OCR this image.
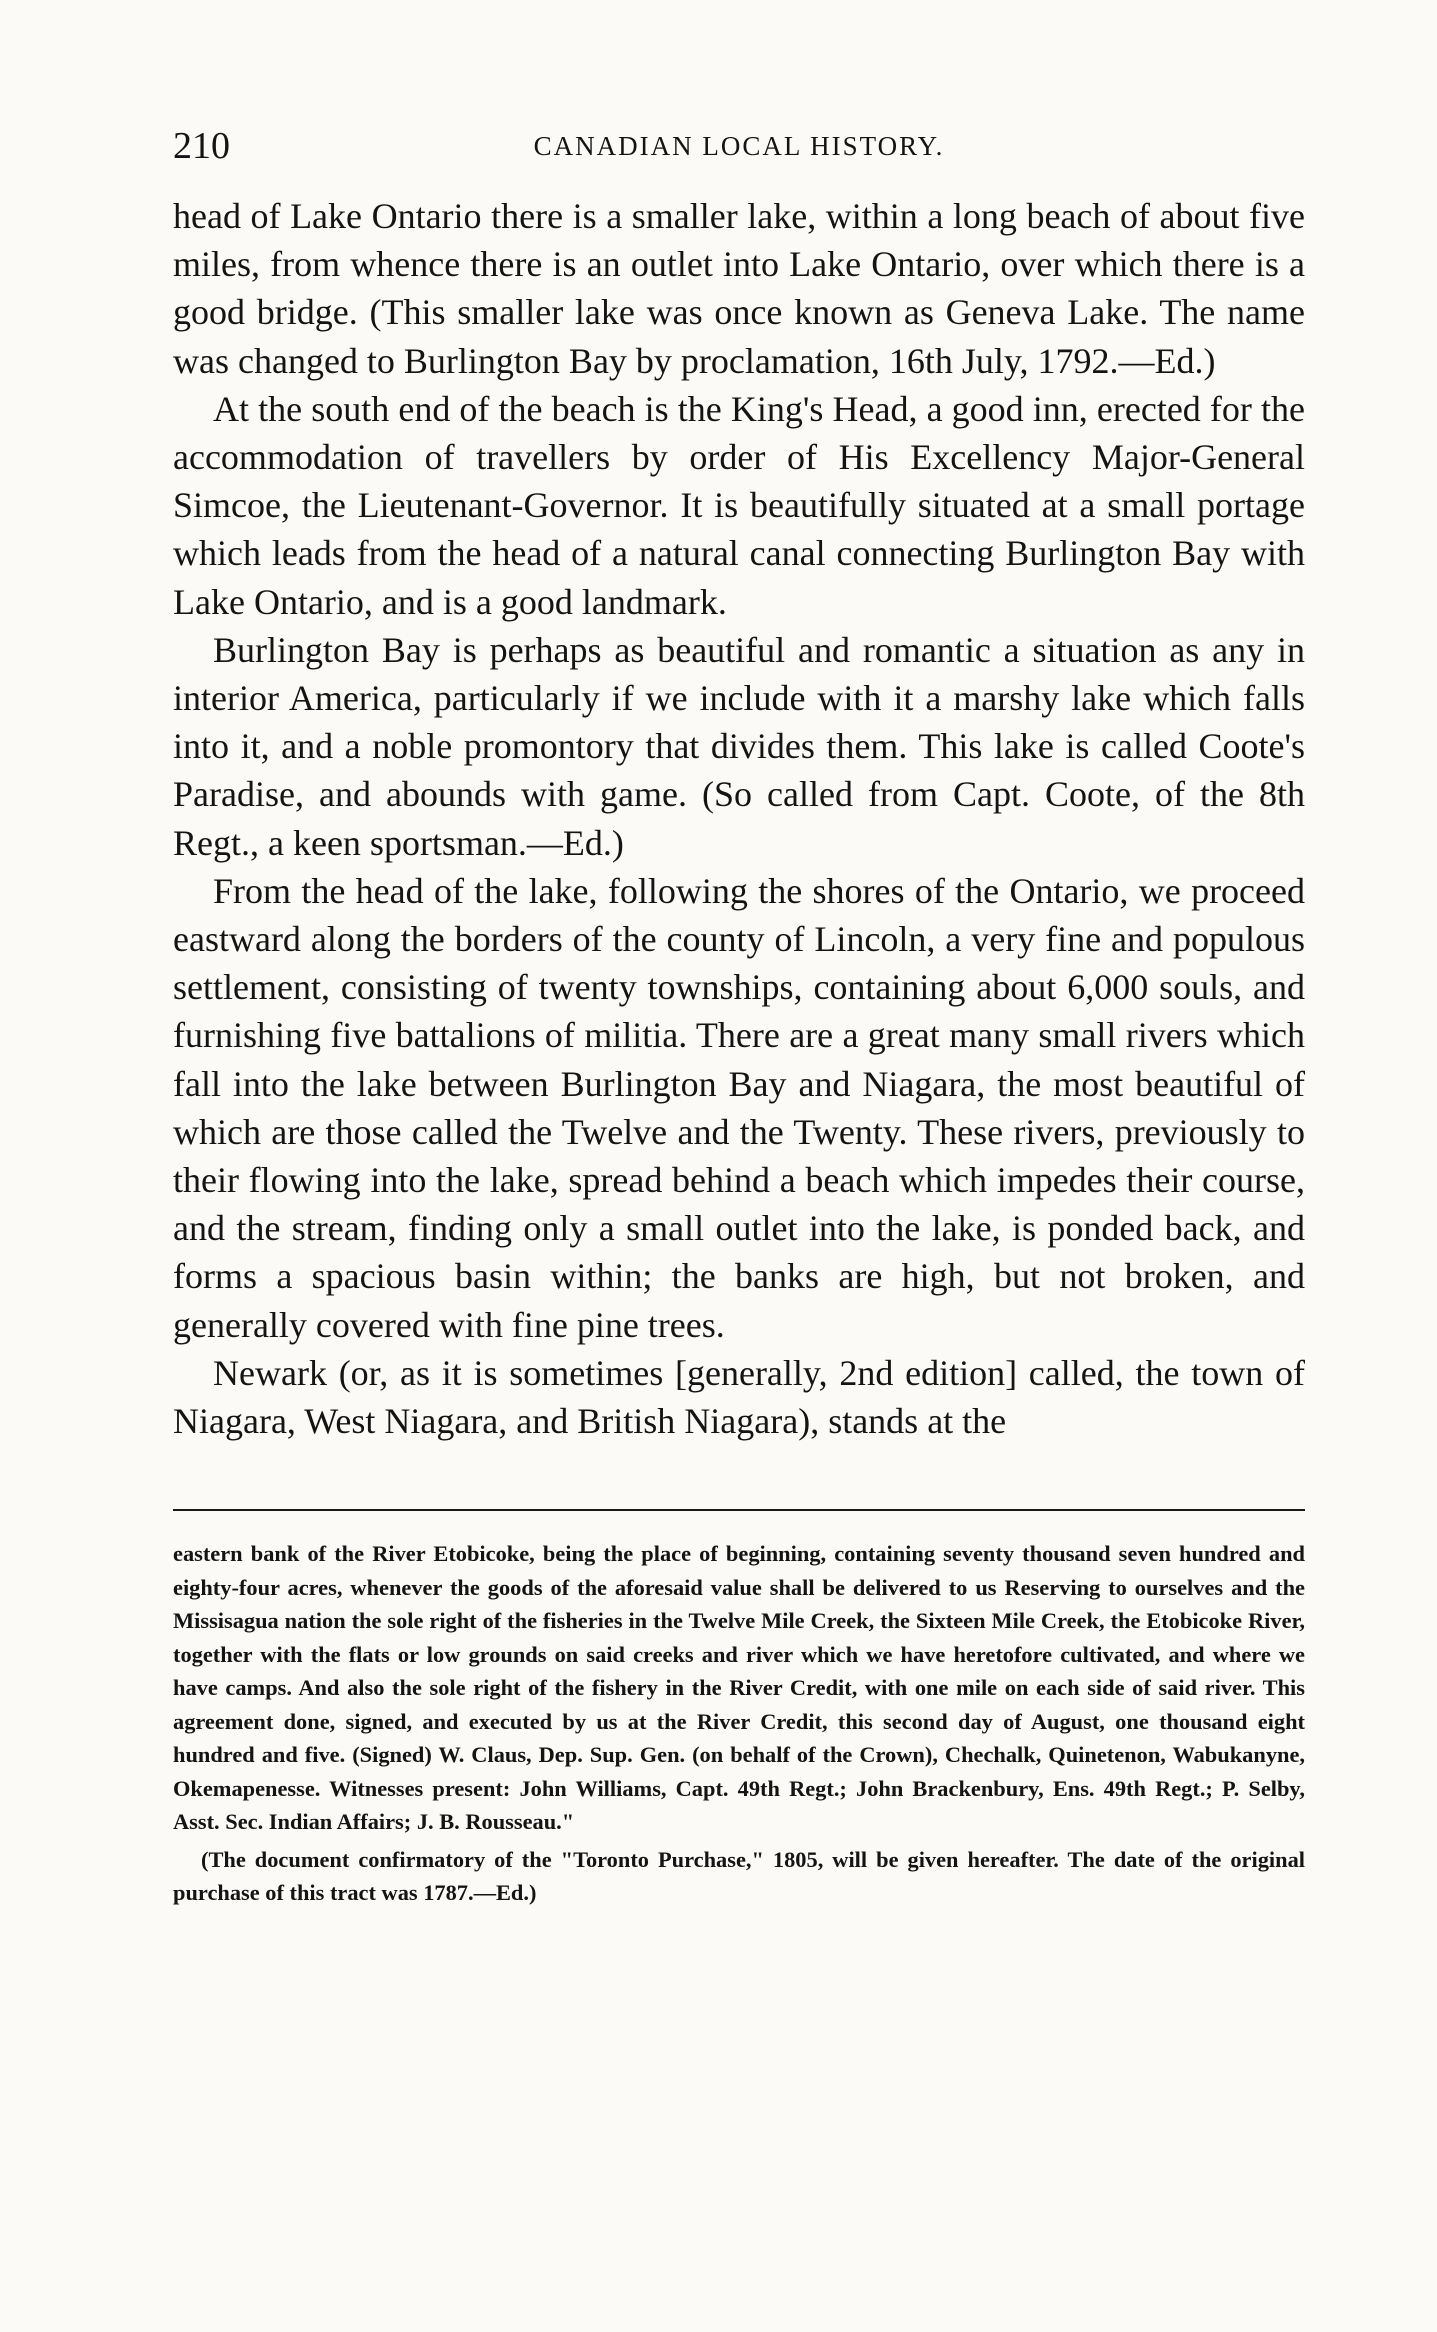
210	CANADIAN LOCAL HISTORY.

head of Lake Ontario there is a smaller lake, within a long beach of about five miles, from whence there is an outlet into Lake Ontario, over which there is a good bridge. (This smaller lake was once known as Geneva Lake. The name was changed to Burlington Bay by proclamation, 16th July, 1792.—Ed.)

At the south end of the beach is the King's Head, a good inn, erected for the accommodation of travellers by order of His Excellency Major-General Simcoe, the Lieutenant-Governor. It is beautifully situated at a small portage which leads from the head of a natural canal connecting Burlington Bay with Lake Ontario, and is a good landmark.

Burlington Bay is perhaps as beautiful and romantic a situation as any in interior America, particularly if we include with it a marshy lake which falls into it, and a noble promontory that divides them. This lake is called Coote's Paradise, and abounds with game. (So called from Capt. Coote, of the 8th Regt., a keen sportsman.—Ed.)

From the head of the lake, following the shores of the Ontario, we proceed eastward along the borders of the county of Lincoln, a very fine and populous settlement, consisting of twenty townships, containing about 6,000 souls, and furnishing five battalions of militia. There are a great many small rivers which fall into the lake between Burlington Bay and Niagara, the most beautiful of which are those called the Twelve and the Twenty. These rivers, previously to their flowing into the lake, spread behind a beach which impedes their course, and the stream, finding only a small outlet into the lake, is ponded back, and forms a spacious basin within; the banks are high, but not broken, and generally covered with fine pine trees.

Newark (or, as it is sometimes [generally, 2nd edition] called, the town of Niagara, West Niagara, and British Niagara), stands at the

eastern bank of the River Etobicoke, being the place of beginning, containing seventy thousand seven hundred and eighty-four acres, whenever the goods of the aforesaid value shall be delivered to us Reserving to ourselves and the Missisagua nation the sole right of the fisheries in the Twelve Mile Creek, the Sixteen Mile Creek, the Etobicoke River, together with the flats or low grounds on said creeks and river which we have heretofore cultivated, and where we have camps. And also the sole right of the fishery in the River Credit, with one mile on each side of said river. This agreement done, signed, and executed by us at the River Credit, this second day of August, one thousand eight hundred and five. (Signed) W. Claus, Dep. Sup. Gen. (on behalf of the Crown), Chechalk, Quinetenon, Wabukanyne, Okemapenesse. Witnesses present: John Williams, Capt. 49th Regt.; John Brackenbury, Ens. 49th Regt.; P. Selby, Asst. Sec. Indian Affairs; J. B. Rousseau."

(The document confirmatory of the "Toronto Purchase," 1805, will be given hereafter. The date of the original purchase of this tract was 1787.—Ed.)
